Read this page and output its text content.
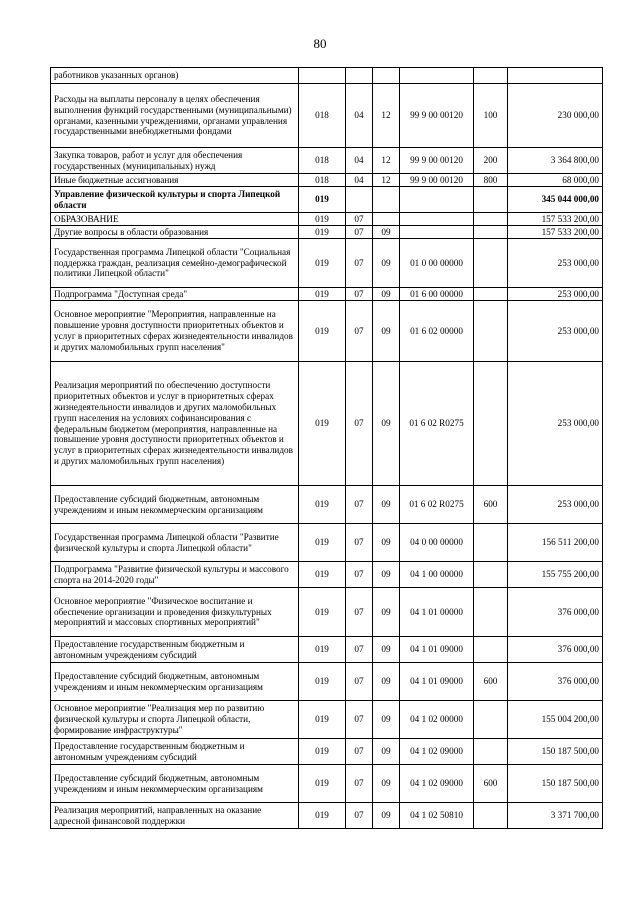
80
работников указанных органов)						
Расходы на выплаты персоналу в целях обеспечения выполнения функций государственными (муниципальными) органами, казенными учреждениями, органами управления государственными внебюджетными фондами	018	04	12	99 9 00 00120	100	230 000,00
Закупка товаров, работ и услуг для обеспечения государственных (муниципальных) нужд	018	04	12	99 9 00 00120	200	3 364 800,00
Иные бюджетные ассигнования	018	04	12	99 9 00 00120	800	68 000,00
Управление физической культуры и спорта Липецкой области	019					345 044 000,00
ОБРАЗОВАНИЕ	019	07				157 533 200,00
Другие вопросы в области образования	019	07	09			157 533 200,00
Государственная программа Липецкой области "Социальная поддержка граждан, реализация семейно-демографической политики Липецкой области"	019	07	09	01 0 00 00000		253 000,00
Подпрограмма "Доступная среда"	019	07	09	01 6 00 00000		253 000,00
Основное мероприятие "Мероприятия, направленные на повышение уровня доступности приоритетных объектов и услуг в приоритетных сферах жизнедеятельности инвалидов и других маломобильных групп населения"	019	07	09	01 6 02 00000		253 000,00
Реализация мероприятий по обеспечению доступности приоритетных объектов и услуг в приоритетных сферах жизнедеятельности инвалидов и других маломобильных групп населения на условиях софинансирования с федеральным бюджетом (мероприятия, направленные на повышение уровня доступности приоритетных объектов и услуг в приоритетных сферах жизнедеятельности инвалидов и других маломобильных групп населения)	019	07	09	01 6 02 R0275		253 000,00
Предоставление субсидий бюджетным, автономным учреждениям и иным некоммерческим организациям	019	07	09	01 6 02 R0275	600	253 000,00
Государственная программа Липецкой области "Развитие физической культуры и спорта Липецкой области"	019	07	09	04 0 00 00000		156 511 200,00
Подпрограмма "Развитие физической культуры и массового спорта на 2014-2020 годы"	019	07	09	04 1 00 00000		155 755 200,00
Основное мероприятие "Физическое воспитание и обеспечение организации и проведения физкультурных мероприятий и массовых спортивных мероприятий"	019	07	09	04 1 01 00000		376 000,00
Предоставление государственным бюджетным и автономным учреждениям субсидий	019	07	09	04 1 01 09000		376 000,00
Предоставление субсидий бюджетным, автономным учреждениям и иным некоммерческим организациям	019	07	09	04 1 01 09000	600	376 000,00
Основное мероприятие "Реализация мер по развитию физической культуры и спорта Липецкой области, формирование инфраструктуры"	019	07	09	04 1 02 00000		155 004 200,00
Предоставление государственным бюджетным и автономным учреждениям субсидий	019	07	09	04 1 02 09000		150 187 500,00
Предоставление субсидий бюджетным, автономным учреждениям и иным некоммерческим организациям	019	07	09	04 1 02 09000	600	150 187 500,00
Реализация мероприятий, направленных на оказание адресной финансовой поддержки	019	07	09	04 1 02 50810		3 371 700,00
